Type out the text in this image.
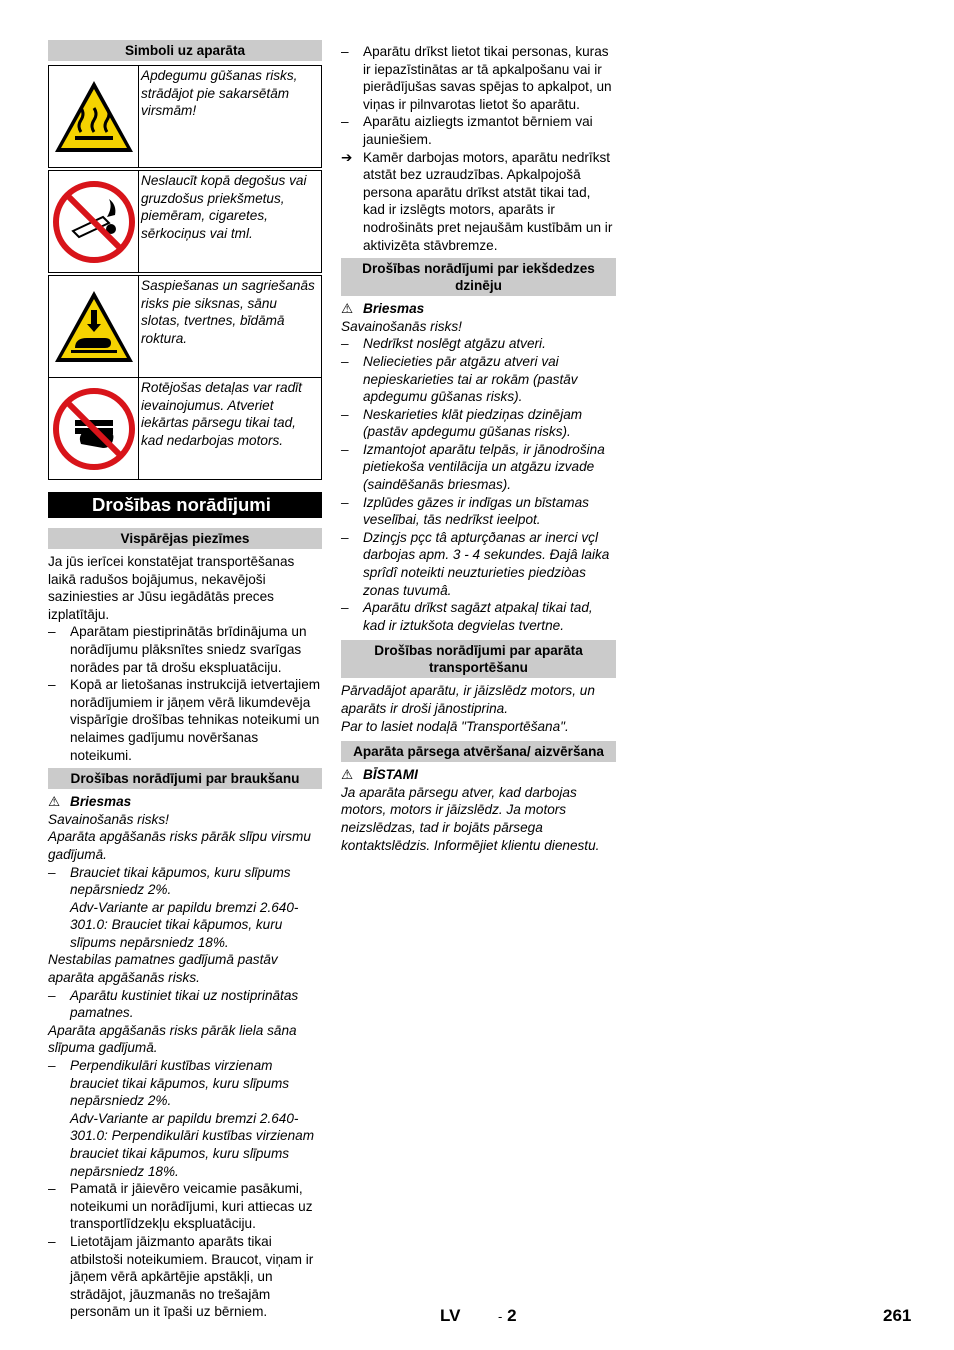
Simboli uz aparāta
Apdegumu gūšanas risks, strādājot pie sakarsētām virsmām!
Neslaucīt kopā degošus vai gruzdošus priekšmetus, piemēram, cigaretes, sērkociņus vai tml.
Saspiešanas un sagriešanās risks pie siksnas, sānu slotas, tvertnes, bīdāmā roktura.
Rotējošas detaļas var radīt ievainojumus. Atveriet iekārtas pārsegu tikai tad, kad nedarbojas motors.
Drošības norādījumi
Vispārējas piezīmes

Ja jūs ierīcei konstatējat transportēšanas laikā radušos bojājumus, nekavējoši saziniesties ar Jūsu iegādātās preces izplatītāju.

–	Aparātam piestiprinātās brīdinājuma un norādījumu plāksnītes sniedz svarīgas norādes par tā drošu ekspluatāciju.
–	Kopā ar lietošanas instrukcijā ietvertajiem norādījumiem ir jāņem vērā likumdevēja vispārīgie drošības tehnikas noteikumi un nelaimes gadījumu novēršanas noteikumi.
Drošības norādījumi par braukšanu
⚠ Briesmas

Savainošanās risks!

Aparāta apgāšanās risks pārāk slīpu virsmu gadījumā.

–	Brauciet tikai kāpumos, kuru slīpums nepārsniedz 2%.

Adv-Variante ar papildu bremzi 2.640-301.0: Brauciet tikai kāpumos, kuru slīpums nepārsniedz 18%.

Nestabilas pamatnes gadījumā pastāv aparāta apgāšanās risks.

–	Aparātu kustiniet tikai uz nostiprinātas pamatnes.

Aparāta apgāšanās risks pārāk liela sāna slīpuma gadījumā.

–	Perpendikulāri kustības virzienam brauciet tikai kāpumos, kuru slīpums nepārsniedz 2%.

Adv-Variante ar papildu bremzi 2.640-301.0: Perpendikulāri kustības virzienam brauciet tikai kāpumos, kuru slīpums nepārsniedz 18%.

–	Pamatā ir jāievēro veicamie pasākumi, noteikumi un norādījumi, kuri attiecas uz transportlīdzekļu ekspluatāciju.
–	Lietotājam jāizmanto aparāts tikai atbilstoši noteikumiem. Braucot, viņam ir jāņem vērā apkārtējie apstākļi, un strādājot, jāuzmanās no trešajām personām un it īpaši uz bērniem.
–	Aparātu drīkst lietot tikai personas, kuras ir iepazīstinātas ar tā apkalpošanu vai ir pierādījušas savas spējas to apkalpot, un viņas ir pilnvarotas lietot šo aparātu.
–	Aparātu aizliegts izmantot bērniem vai jauniešiem.
➔ Kamēr darbojas motors, aparātu nedrīkst atstāt bez uzraudzības. Apkalpojošā persona aparātu drīkst atstāt tikai tad, kad ir izslēgts motors, aparāts ir nodrošināts pret nejaušām kustībām un ir aktivizēta stāvbremze.
Drošības norādījumi par iekšdedzes dzinēju
⚠ Briesmas

Savainošanās risks!

–	Nedrīkst noslēgt atgāzu atveri.
–	Neliecieties pār atgāzu atveri vai nepieskarieties tai ar rokām (pastāv apdegumu gūšanas risks).
–	Neskarieties klāt piedziņas dzinējam (pastāv apdegumu gūšanas risks).
–	Izmantojot aparātu telpās, ir jānodrošina pietiekoša ventilācija un atgāzu izvade (saindēšanās briesmas).
–	Izplūdes gāzes ir indīgas un bīstamas veselībai, tās nedrīkst ieelpot.
–	Dzinçjs pçc tâ apturçðanas ar inerci vçl darbojas apm. 3 - 4 sekundes. Ðajâ laika sprîdî noteikti neuzturieties piedziòas zonas tuvumâ.
–	Aparātu drīkst sagāzt atpakaļ tikai tad, kad ir iztukšota degvielas tvertne.
Drošības norādījumi par aparāta transportēšanu

Pārvadājot aparātu, ir jāizslēdz motors, un aparāts ir droši jānostiprina.

Par to lasiet nodaļā "Transportēšana".

Aparāta pārsega atvēršana/ aizvēršana
⚠ BĪSTAMI

Ja aparāta pārsegu atver, kad darbojas motors, motors ir jāizslēdz. Ja motors neizslēdzas, tad ir bojāts pārsega kontaktslēdzis. Informējiet klientu dienestu.

LV	- 2	261
